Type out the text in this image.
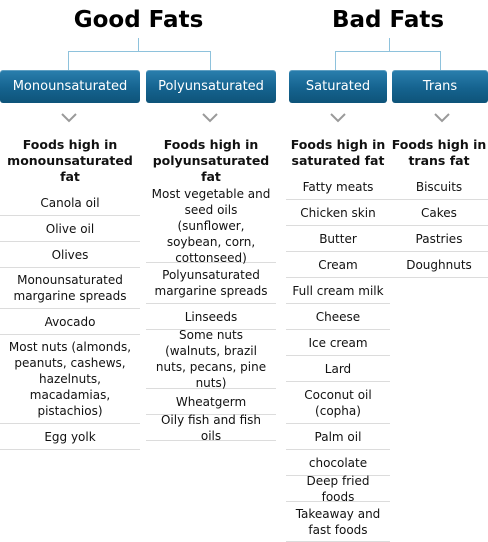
Good Fats	Bad Fats
Monounsaturated	Polyunsaturated	Saturated	Trans
Foods high in monounsaturated fat
Canola oil
Olive oil
Olives
Monounsaturated margarine spreads
Avocado
Most nuts (almonds, peanuts, cashews, hazelnuts, macadamias, pistachios)
Egg yolk
Foods high in polyunsaturated fat
Most vegetable and seed oils (sunflower, soybean, corn, cottonseed)
Polyunsaturated margarine spreads
Linseeds
Some nuts (walnuts, brazil nuts, pecans, pine nuts)
Wheatgerm
Oily fish and fish oils
Foods high in saturated fat
Fatty meats
Chicken skin
Butter
Cream
Full cream milk
Cheese
Ice cream
Lard
Coconut oil (copha)
Palm oil
chocolate
Deep fried foods
Takeaway and fast foods
Foods high in trans fat
Biscuits
Cakes
Pastries
Doughnuts
